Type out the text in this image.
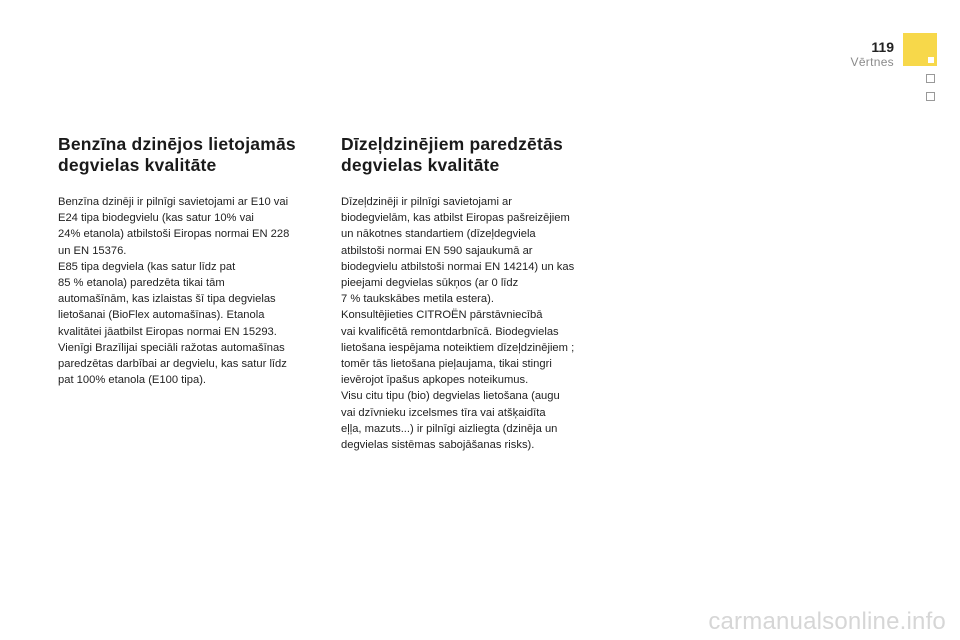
119
Vērtnes
Benzīna dzinējos lietojamās
degvielas kvalitāte

Benzīna dzinēji ir pilnīgi savietojami ar E10 vai
E24 tipa biodegvielu (kas satur 10% vai
24% etanola) atbilstoši Eiropas normai EN 228
un EN 15376.
E85 tipa degviela (kas satur līdz pat
85 % etanola) paredzēta tikai tām
automašīnām, kas izlaistas šī tipa degvielas
lietošanai (BioFlex automašīnas). Etanola
kvalitātei jāatbilst Eiropas normai EN 15293.
Vienīgi Brazīlijai speciāli ražotas automašīnas
paredzētas darbībai ar degvielu, kas satur līdz
pat 100% etanola (E100 tipa).

Dīzeļdzinējiem paredzētās
degvielas kvalitāte

Dīzeļdzinēji ir pilnīgi savietojami ar
biodegvielām, kas atbilst Eiropas pašreizējiem
un nākotnes standartiem (dīzeļdegviela
atbilstoši normai EN 590 sajaukumā ar
biodegvielu atbilstoši normai EN 14214) un kas
pieejami degvielas sūkņos (ar 0 līdz
7 % taukskābes metila estera).
Konsultējieties CITROËN pārstāvniecībā
vai kvalificētā remontdarbnīcā. Biodegvielas
lietošana iespējama noteiktiem dīzeļdzinējiem ;
tomēr tās lietošana pieļaujama, tikai stingri
ievērojot īpašus apkopes noteikumus.
Visu citu tipu (bio) degvielas lietošana (augu
vai dzīvnieku izcelsmes tīra vai atšķaidīta
eļļa, mazuts...) ir pilnīgi aizliegta (dzinēja un
degvielas sistēmas sabojāšanas risks).

carmanualsonline.info
